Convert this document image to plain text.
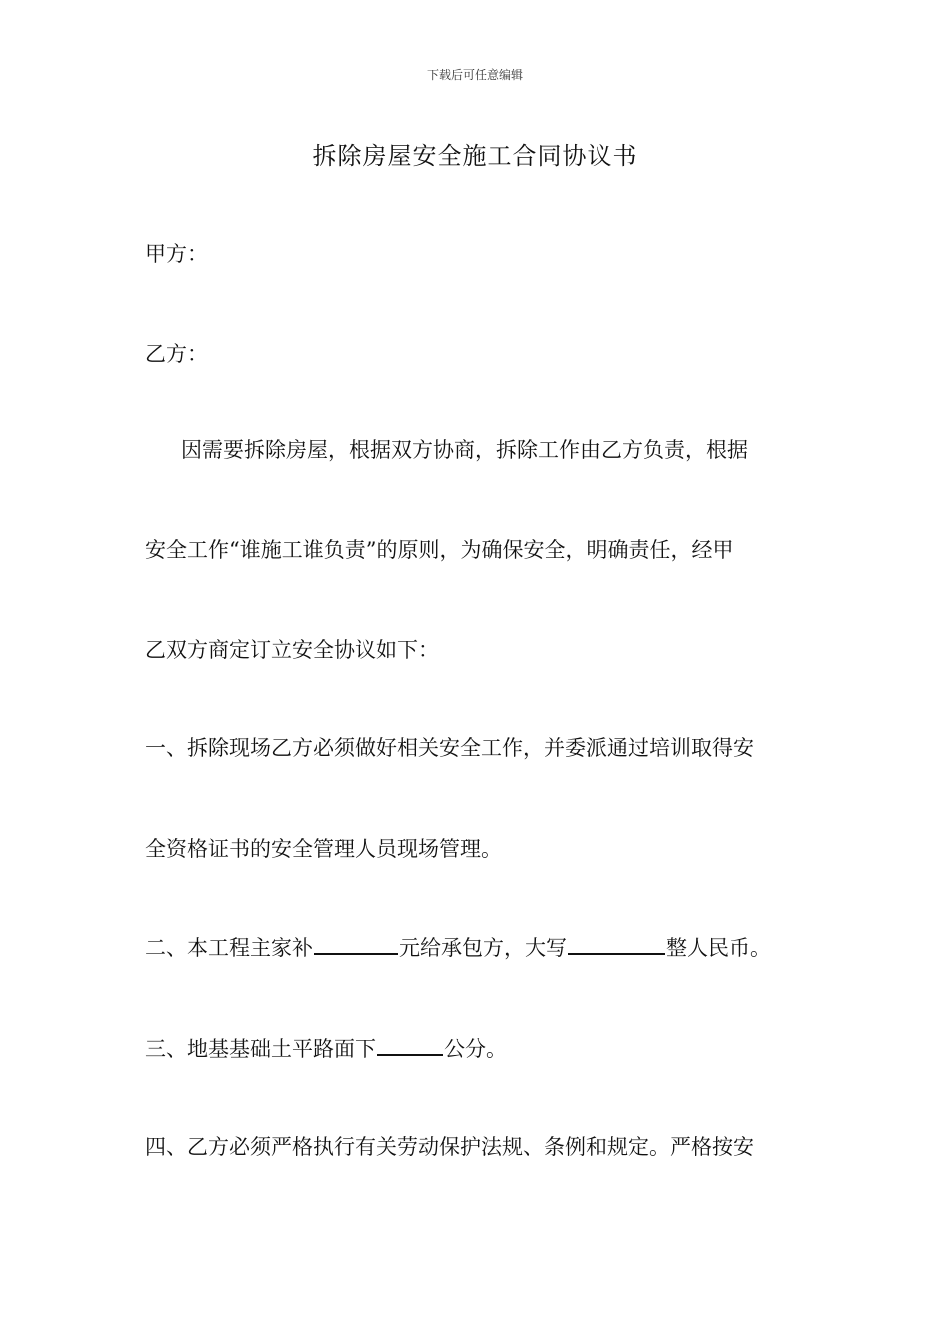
下载后可任意编辑
拆除房屋安全施工合同协议书
甲方：
乙方：
因需要拆除房屋，根据双方协商，拆除工作由乙方负责，根据
安全工作“谁施工谁负责”的原则，为确保安全，明确责任，经甲
乙双方商定订立安全协议如下：
一、拆除现场乙方必须做好相关安全工作，并委派通过培训取得安
全资格证书的安全管理人员现场管理。
二、本工程主家补	元给承包方，大写	整人民币。
三、地基基础土平路面下	公分。
四、乙方必须严格执行有关劳动保护法规、条例和规定。严格按安
